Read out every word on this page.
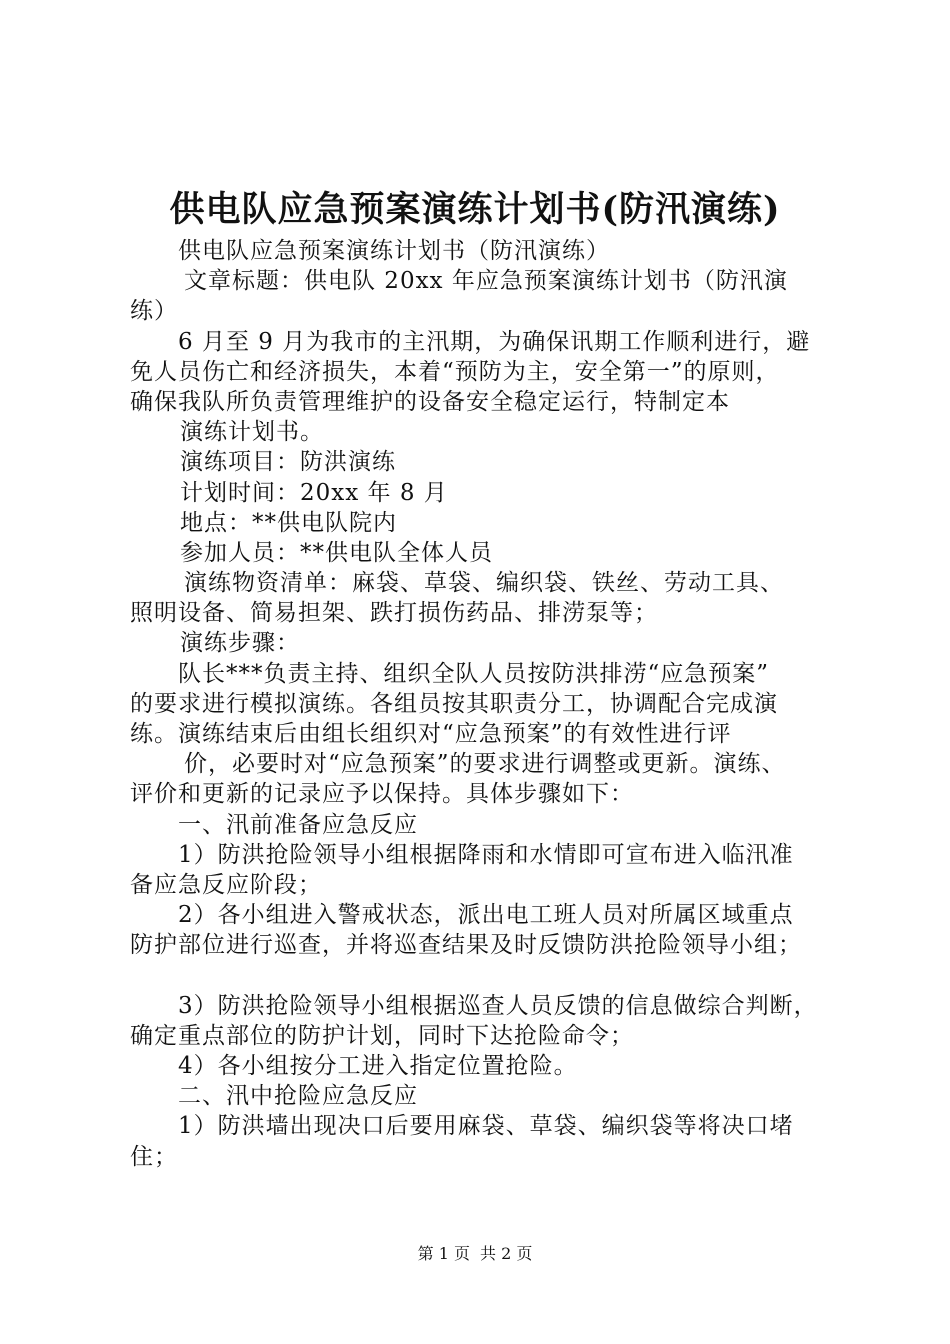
供电队应急预案演练计划书(防汛演练)
供电队应急预案演练计划书（防汛演练）
文章标题：供电队 20xx 年应急预案演练计划书（防汛演
练）
6 月至 9 月为我市的主汛期，为确保讯期工作顺利进行，避
免人员伤亡和经济损失，本着“预防为主，安全第一”的原则，
确保我队所负责管理维护的设备安全稳定运行，特制定本
演练计划书。
演练项目：防洪演练
计划时间：20xx 年 8 月
地点：**供电队院内
参加人员：**供电队全体人员
演练物资清单：麻袋、草袋、编织袋、铁丝、劳动工具、
照明设备、简易担架、跌打损伤药品、排涝泵等；
演练步骤：
队长***负责主持、组织全队人员按防洪排涝“应急预案”
的要求进行模拟演练。各组员按其职责分工，协调配合完成演
练。演练结束后由组长组织对“应急预案”的有效性进行评
价，必要时对“应急预案”的要求进行调整或更新。演练、
评价和更新的记录应予以保持。具体步骤如下：
一、汛前准备应急反应
1）防洪抢险领导小组根据降雨和水情即可宣布进入临汛准
备应急反应阶段；
2）各小组进入警戒状态，派出电工班人员对所属区域重点
防护部位进行巡查，并将巡查结果及时反馈防洪抢险领导小组；
3）防洪抢险领导小组根据巡查人员反馈的信息做综合判断，
确定重点部位的防护计划，同时下达抢险命令；
4）各小组按分工进入指定位置抢险。
二、汛中抢险应急反应
1）防洪墙出现决口后要用麻袋、草袋、编织袋等将决口堵
住；
第 1 页 共 2 页
